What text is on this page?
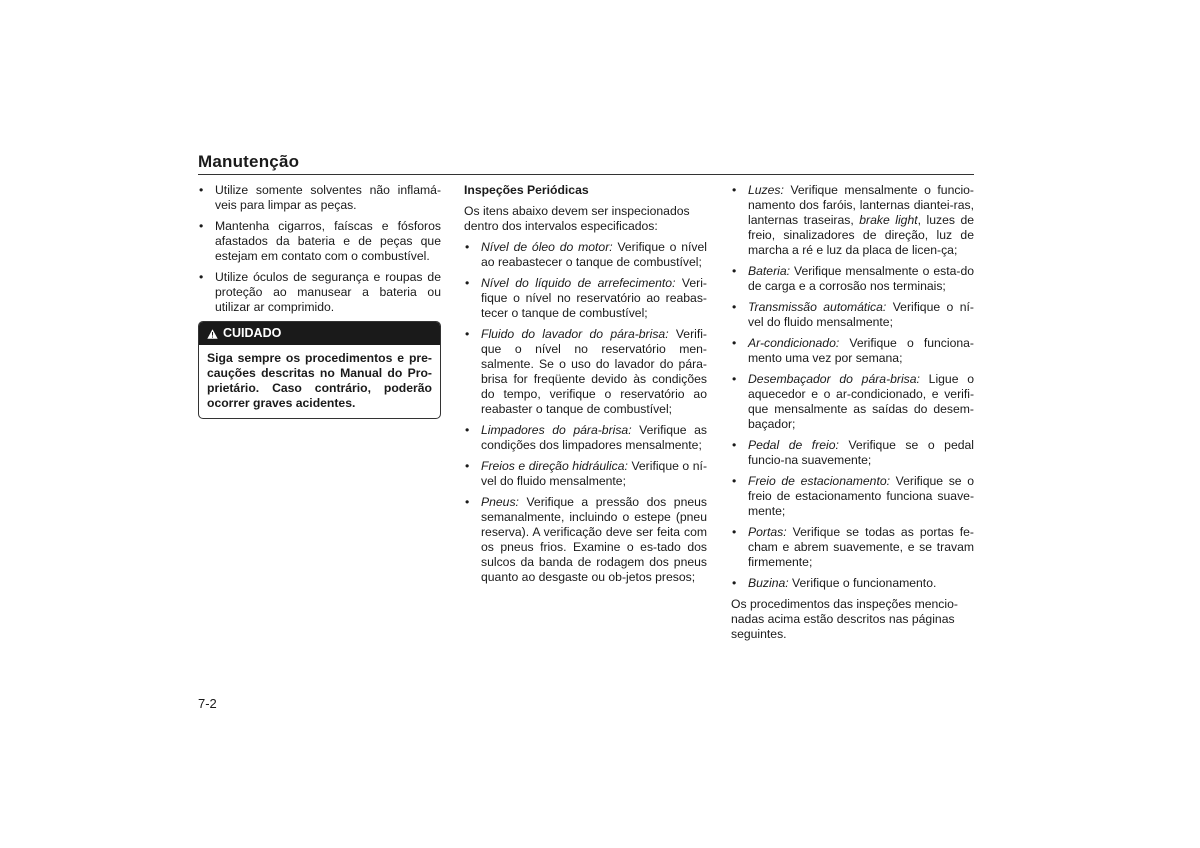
Manutenção
• Utilize somente solventes não inflamá-veis para limpar as peças.
• Mantenha cigarros, faíscas e fósforos afastados da bateria e de peças que estejam em contato com o combustível.
• Utilize óculos de segurança e roupas de proteção ao manusear a bateria ou utilizar ar comprimido.
CUIDADO
Siga sempre os procedimentos e pre-cauções descritas no Manual do Pro-prietário. Caso contrário, poderão ocorrer graves acidentes.

Inspeções Periódicas

Os itens abaixo devem ser inspecionados dentro dos intervalos especificados:

• Nível de óleo do motor: Verifique o nível ao reabastecer o tanque de combustível;
• Nível do líquido de arrefecimento: Veri-fique o nível no reservatório ao reabas-tecer o tanque de combustível;
• Fluido do lavador do pára-brisa: Verifi-que o nível no reservatório men-salmente. Se o uso do lavador do pára-brisa for freqüente devido às condições do tempo, verifique o reservatório ao reabaster o tanque de combustível;
• Limpadores do pára-brisa: Verifique as condições dos limpadores mensalmente;
• Freios e direção hidráulica: Verifique o ní-vel do fluido mensalmente;
• Pneus: Verifique a pressão dos pneus semanalmente, incluindo o estepe (pneu reserva). A verificação deve ser feita com os pneus frios. Examine o es-tado dos sulcos da banda de rodagem dos pneus quanto ao desgaste ou ob-jetos presos;
• Luzes: Verifique mensalmente o funcio-namento dos faróis, lanternas diantei-ras, lanternas traseiras, brake light, luzes de freio, sinalizadores de direção, luz de marcha a ré e luz da placa de licen-ça;
• Bateria: Verifique mensalmente o esta-do de carga e a corrosão nos terminais;
• Transmissão automática: Verifique o ní-vel do fluido mensalmente;
• Ar-condicionado: Verifique o funciona-mento uma vez por semana;
• Desembaçador do pára-brisa: Ligue o aquecedor e o ar-condicionado, e verifi-que mensalmente as saídas do desem-baçador;
• Pedal de freio: Verifique se o pedal funcio-na suavemente;
• Freio de estacionamento: Verifique se o freio de estacionamento funciona suave-mente;
• Portas: Verifique se todas as portas fe-cham e abrem suavemente, e se travam firmemente;
• Buzina: Verifique o funcionamento.

Os procedimentos das inspeções mencio-nadas acima estão descritos nas páginas seguintes.

7-2
